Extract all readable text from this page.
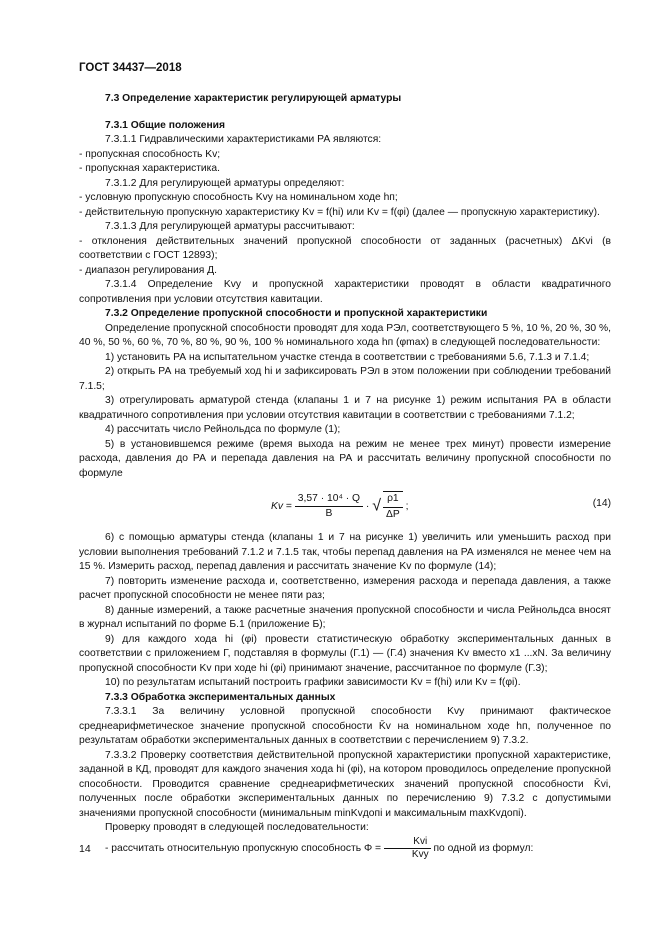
ГОСТ 34437—2018

7.3 Определение характеристик регулирующей арматуры

7.3.1 Общие положения

7.3.1.1 Гидравлическими характеристиками РА являются:

- пропускная способность Kv;

- пропускная характеристика.

7.3.1.2 Для регулирующей арматуры определяют:

- условную пропускную способность Kvу на номинальном ходе hп;

- действительную пропускную характеристику Kv = f(hi) или Kv = f(φi) (далее — пропускную характеристику).

7.3.1.3 Для регулирующей арматуры рассчитывают:

- отклонения действительных значений пропускной способности от заданных (расчетных) ΔKvi (в соответствии с ГОСТ 12893);

- диапазон регулирования Д.

7.3.1.4 Определение Kvу и пропускной характеристики проводят в области квадратичного сопротивления при условии отсутствия кавитации.

7.3.2 Определение пропускной способности и пропускной характеристики

Определение пропускной способности проводят для хода РЭл, соответствующего 5 %, 10 %, 20 %, 30 %, 40 %, 50 %, 60 %, 70 %, 80 %, 90 %, 100 % номинального хода hп (φmax) в следующей последовательности:

1) установить РА на испытательном участке стенда в соответствии с требованиями 5.6, 7.1.3 и 7.1.4;

2) открыть РА на требуемый ход hi и зафиксировать РЭл в этом положении при соблюдении требований 7.1.5;

3) отрегулировать арматурой стенда (клапаны 1 и 7 на рисунке 1) режим испытания РА в области квадратичного сопротивления при условии отсутствия кавитации в соответствии с требованиями 7.1.2;

4) рассчитать число Рейнольдса по формуле (1);

5) в установившемся режиме (время выхода на режим не менее трех минут) провести измерение расхода, давления до РА и перепада давления на РА и рассчитать величину пропускной способности по формуле

$Kv = \frac{\text{3,57 · 10⁴ · Q}}{B}$ · √ $\frac{\rho 1}{\Delta P}$ ;	(14)

6) с помощью арматуры стенда (клапаны 1 и 7 на рисунке 1) увеличить или уменьшить расход при условии выполнения требований 7.1.2 и 7.1.5 так, чтобы перепад давления на РА изменялся не менее чем на 15 %. Измерить расход, перепад давления и рассчитать значение Kv по формуле (14);

7) повторить изменение расхода и, соответственно, измерения расхода и перепада давления, а также расчет пропускной способности не менее пяти раз;

8) данные измерений, а также расчетные значения пропускной способности и числа Рейнольдса вносят в журнал испытаний по форме Б.1 (приложение Б);

9) для каждого хода hi (φi) провести статистическую обработку экспериментальных данных в соответствии с приложением Г, подставляя в формулы (Г.1) — (Г.4) значения Kv вместо x1 ...xN. За величину пропускной способности Kv при ходе hi (φi) принимают значение, рассчитанное по формуле (Г.3);

10) по результатам испытаний построить графики зависимости Kv = f(hi) или Kv = f(φi).

7.3.3 Обработка экспериментальных данных

7.3.3.1 За величину условной пропускной способности Kvу принимают фактическое среднеарифметическое значение пропускной способности K̄v на номинальном ходе hп, полученное по результатам обработки экспериментальных данных в соответствии с перечислением 9) 7.3.2.

7.3.3.2 Проверку соответствия действительной пропускной характеристики пропускной характеристике, заданной в КД, проводят для каждого значения хода hi (φi), на котором проводилось определение пропускной способности. Проводится сравнение среднеарифметических значений пропускной способности K̄vi, полученных после обработки экспериментальных данных по перечислению 9) 7.3.2 с допустимыми значениями пропускной способности (минимальным minKvдопi и максимальным maxKvдопi).

Проверку проводят в следующей последовательности:

- рассчитать относительную пропускную способность $\Phi = \frac{\text{Kvi}}{\text{Kvу}}$ по одной из формул:

14
